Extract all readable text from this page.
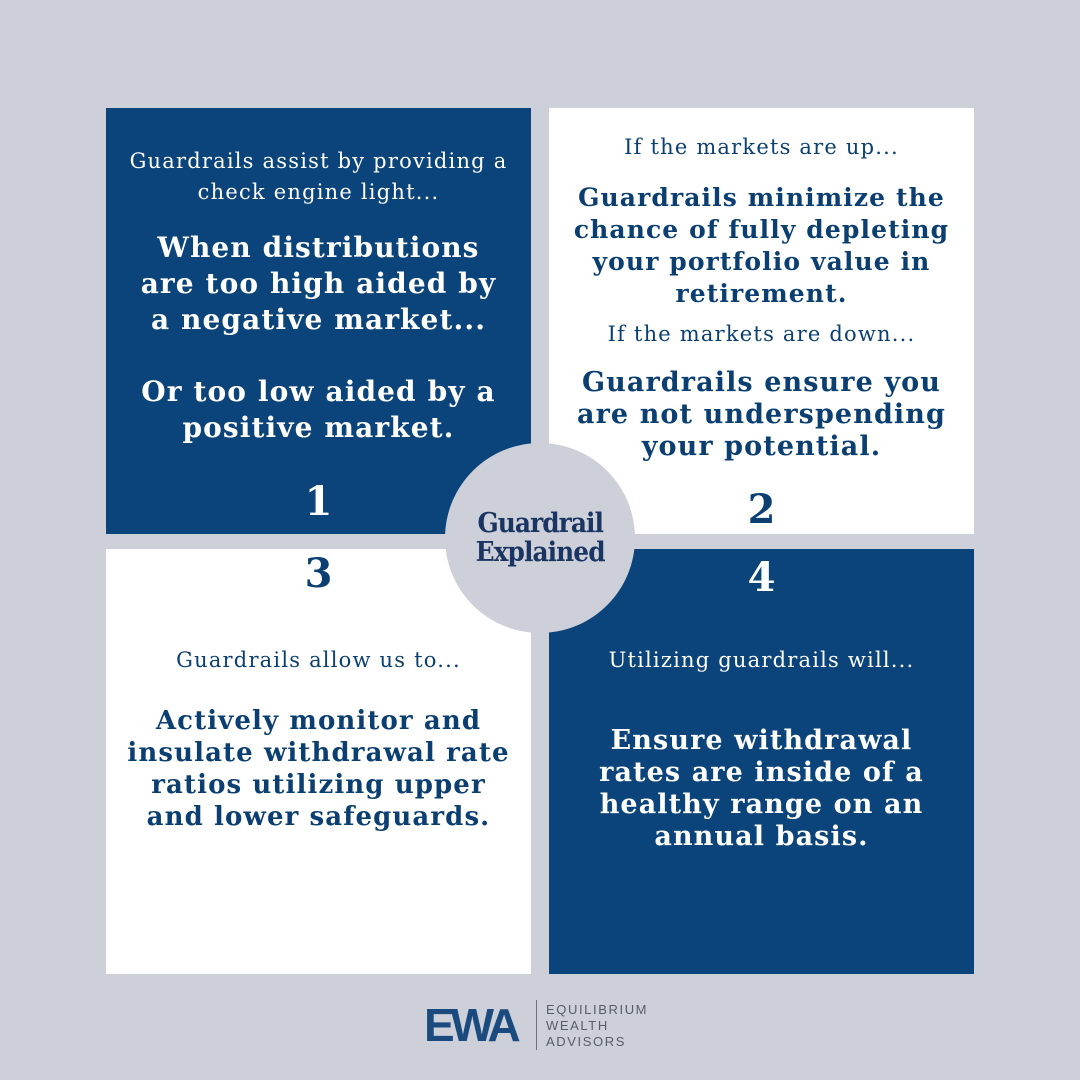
Guardrails assist by providing a check engine light...

When distributions are too high aided by a negative market...

Or too low aided by a positive market.

1

If the markets are up...

Guardrails minimize the chance of fully depleting your portfolio value in retirement.

If the markets are down...

Guardrails ensure you are not underspending your potential.

2
3

Guardrails allow us to...

Actively monitor and insulate withdrawal rate ratios utilizing upper and lower safeguards.

4

Utilizing guardrails will...

Ensure withdrawal rates are inside of a healthy range on an annual basis.

Guardrail
Explained
EWA EQUILIBRIUM
WEALTH
ADVISORS
